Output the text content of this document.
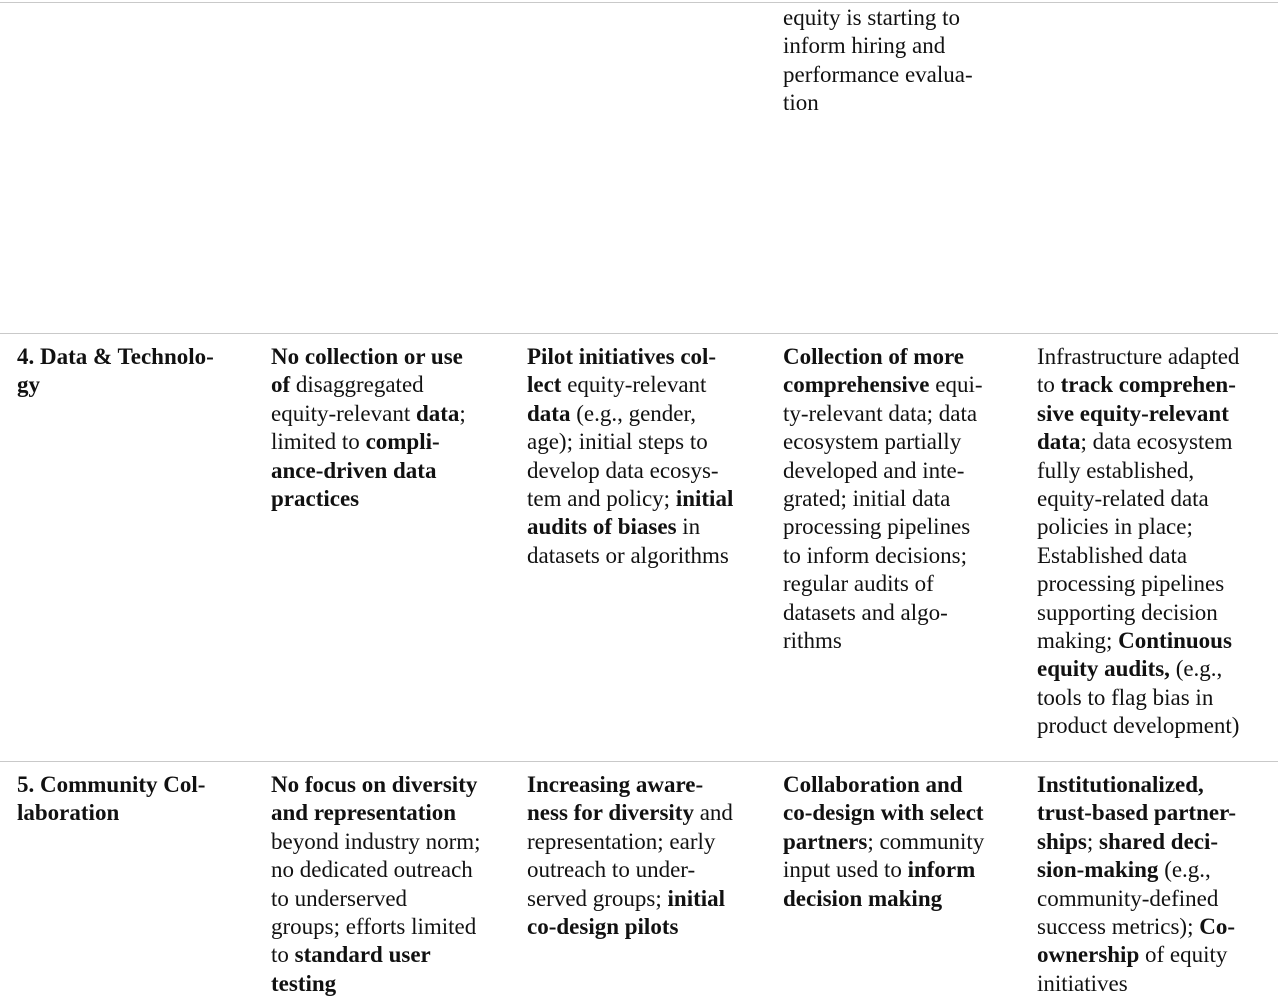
equity is starting to
inform hiring and
performance evalua-
tion
4. Data & Technolo-
gy
No collection or use
of disaggregated
equity-relevant data;
limited to compli-
ance-driven data
practices
Pilot initiatives col-
lect equity-relevant
data (e.g., gender,
age); initial steps to
develop data ecosys-
tem and policy; initial
audits of biases in
datasets or algorithms
Collection of more
comprehensive equi-
ty-relevant data; data
ecosystem partially
developed and inte-
grated; initial data
processing pipelines
to inform decisions;
regular audits of
datasets and algo-
rithms
Infrastructure adapted
to track comprehen-
sive equity-relevant
data; data ecosystem
fully established,
equity-related data
policies in place;
Established data
processing pipelines
supporting decision
making; Continuous
equity audits, (e.g.,
tools to flag bias in
product development)
5. Community Col-
laboration
No focus on diversity
and representation
beyond industry norm;
no dedicated outreach
to underserved
groups; efforts limited
to standard user
testing
Increasing aware-
ness for diversity and
representation; early
outreach to under-
served groups; initial
co-design pilots
Collaboration and
co-design with select
partners; community
input used to inform
decision making
Institutionalized,
trust-based partner-
ships; shared deci-
sion-making (e.g.,
community-defined
success metrics); Co-
ownership of equity
initiatives
